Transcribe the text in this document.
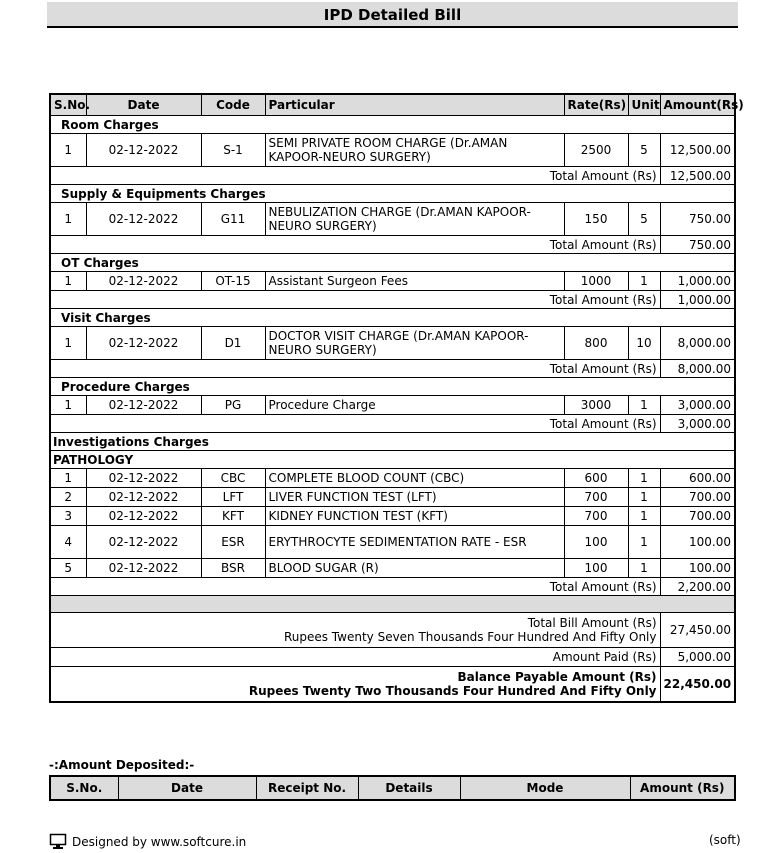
IPD Detailed Bill
S.No.	Date	Code	Particular	Rate(Rs)	Unit	Amount(Rs)
Room Charges						
1	02-12-2022	S-1	SEMI PRIVATE ROOM CHARGE (Dr.AMAN KAPOOR-NEURO SURGERY)	2500	5	12,500.00
Total Amount (Rs)						12,500.00
Supply & Equipments Charges						
1	02-12-2022	G11	NEBULIZATION CHARGE (Dr.AMAN KAPOOR-NEURO SURGERY)	150	5	750.00
Total Amount (Rs)						750.00
OT Charges						
1	02-12-2022	OT-15	Assistant Surgeon Fees	1000	1	1,000.00
Total Amount (Rs)						1,000.00
Visit Charges						
1	02-12-2022	D1	DOCTOR VISIT CHARGE (Dr.AMAN KAPOOR-NEURO SURGERY)	800	10	8,000.00
Total Amount (Rs)						8,000.00
Procedure Charges						
1	02-12-2022	PG	Procedure Charge	3000	1	3,000.00
Total Amount (Rs)						3,000.00
Investigations Charges						
PATHOLOGY						
1	02-12-2022	CBC	COMPLETE BLOOD COUNT (CBC)	600	1	600.00
2	02-12-2022	LFT	LIVER FUNCTION TEST (LFT)	700	1	700.00
3	02-12-2022	KFT	KIDNEY FUNCTION TEST (KFT)	700	1	700.00
4	02-12-2022	ESR	ERYTHROCYTE SEDIMENTATION RATE - ESR	100	1	100.00
5	02-12-2022	BSR	BLOOD SUGAR (R)	100	1	100.00
Total Amount (Rs)						2,200.00

Total Bill Amount (Rs)
Rupees Twenty Seven Thousands Four Hundred And Fifty Only						27,450.00
Amount Paid (Rs)						5,000.00
Balance Payable Amount (Rs)
Rupees Twenty Two Thousands Four Hundred And Fifty Only						22,450.00
-:Amount Deposited:-
S.No.	Date	Receipt No.	Details	Mode	Amount (Rs)
Designed by www.softcure.in	(soft)
